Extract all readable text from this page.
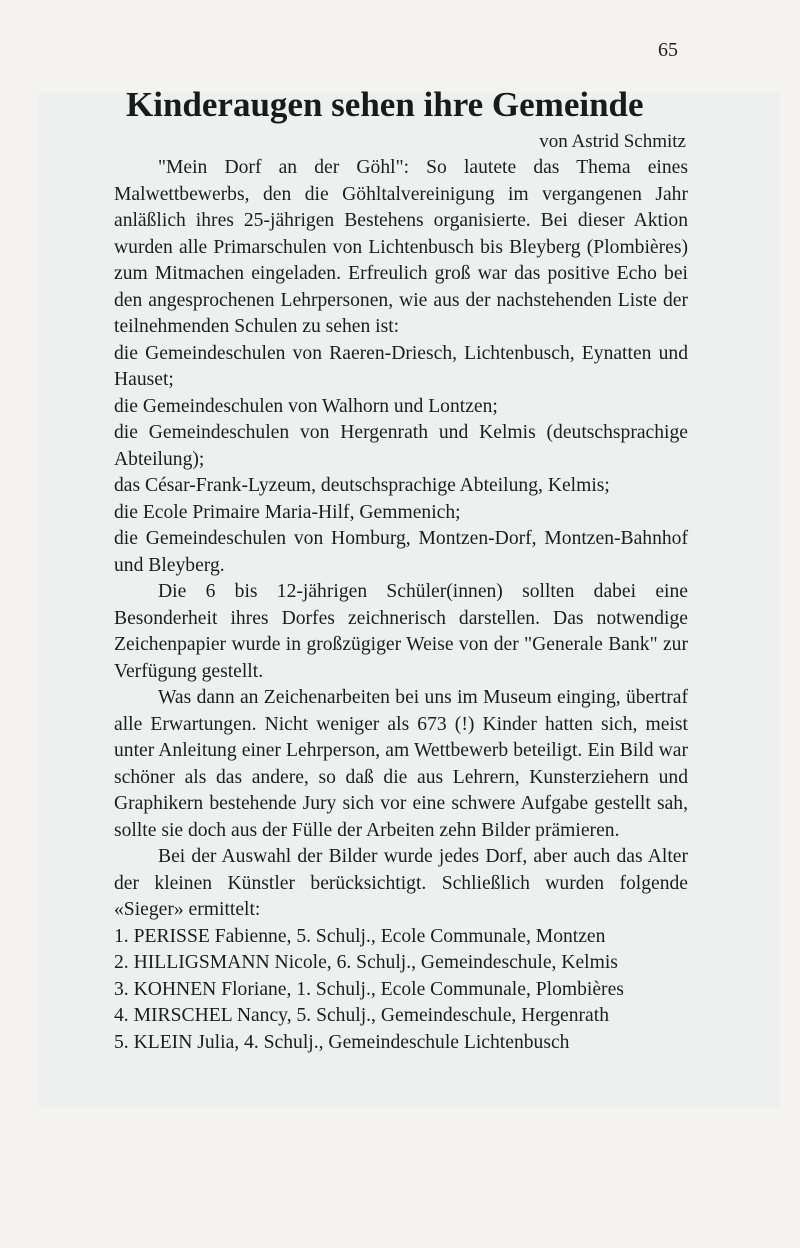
65
Kinderaugen sehen ihre Gemeinde
von Astrid Schmitz

"Mein Dorf an der Göhl": So lautete das Thema eines Malwettbewerbs, den die Göhltalvereinigung im vergangenen Jahr anläßlich ihres 25-jährigen Bestehens organisierte. Bei dieser Aktion wurden alle Primarschulen von Lichtenbusch bis Bleyberg (Plombières) zum Mitmachen eingeladen. Erfreulich groß war das positive Echo bei den angesprochenen Lehrpersonen, wie aus der nachstehenden Liste der teilnehmenden Schulen zu sehen ist:

die Gemeindeschulen von Raeren-Driesch, Lichtenbusch, Eynatten und Hauset;

die Gemeindeschulen von Walhorn und Lontzen;

die Gemeindeschulen von Hergenrath und Kelmis (deutschsprachige Abteilung);

das César-Frank-Lyzeum, deutschsprachige Abteilung, Kelmis;

die Ecole Primaire Maria-Hilf, Gemmenich;

die Gemeindeschulen von Homburg, Montzen-Dorf, Montzen-Bahnhof und Bleyberg.

Die 6 bis 12-jährigen Schüler(innen) sollten dabei eine Besonderheit ihres Dorfes zeichnerisch darstellen. Das notwendige Zeichenpapier wurde in großzügiger Weise von der "Generale Bank" zur Verfügung gestellt.

Was dann an Zeichenarbeiten bei uns im Museum einging, übertraf alle Erwartungen. Nicht weniger als 673 (!) Kinder hatten sich, meist unter Anleitung einer Lehrperson, am Wettbewerb beteiligt. Ein Bild war schöner als das andere, so daß die aus Lehrern, Kunsterziehern und Graphikern bestehende Jury sich vor eine schwere Aufgabe gestellt sah, sollte sie doch aus der Fülle der Arbeiten zehn Bilder prämieren.

Bei der Auswahl der Bilder wurde jedes Dorf, aber auch das Alter der kleinen Künstler berücksichtigt. Schließlich wurden folgende «Sieger» ermittelt:

1. PERISSE Fabienne, 5. Schulj., Ecole Communale, Montzen
2. HILLIGSMANN Nicole, 6. Schulj., Gemeindeschule, Kelmis
3. KOHNEN Floriane, 1. Schulj., Ecole Communale, Plombières
4. MIRSCHEL Nancy, 5. Schulj., Gemeindeschule, Hergenrath
5. KLEIN Julia, 4. Schulj., Gemeindeschule Lichtenbusch
